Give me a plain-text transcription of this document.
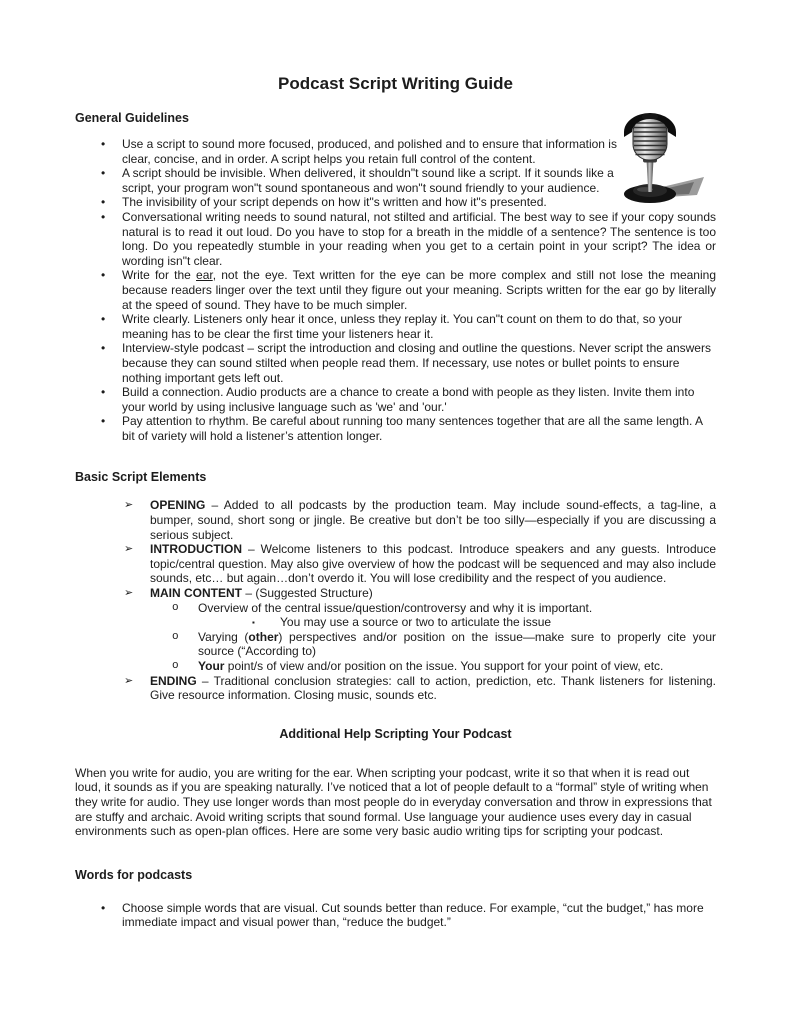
Podcast Script Writing Guide
General Guidelines
• Use a script to sound more focused, produced, and polished and to ensure that information is clear, concise, and in order. A script helps you retain full control of the content.
• A script should be invisible. When delivered, it shouldn"t sound like a script. If it sounds like a script, your program won"t sound spontaneous and won"t sound friendly to your audience.
• The invisibility of your script depends on how it"s written and how it"s presented.
• Conversational writing needs to sound natural, not stilted and artificial. The best way to see if your copy sounds natural is to read it out loud. Do you have to stop for a breath in the middle of a sentence? The sentence is too long. Do you repeatedly stumble in your reading when you get to a certain point in your script? The idea or wording isn"t clear.
• Write for the ear, not the eye. Text written for the eye can be more complex and still not lose the meaning because readers linger over the text until they figure out your meaning. Scripts written for the ear go by literally at the speed of sound. They have to be much simpler.
• Write clearly. Listeners only hear it once, unless they replay it. You can"t count on them to do that, so your meaning has to be clear the first time your listeners hear it.
• Interview-style podcast – script the introduction and closing and outline the questions. Never script the answers because they can sound stilted when people read them. If necessary, use notes or bullet points to ensure nothing important gets left out.
• Build a connection. Audio products are a chance to create a bond with people as they listen. Invite them into your world by using inclusive language such as 'we' and 'our.'
• Pay attention to rhythm. Be careful about running too many sentences together that are all the same length. A bit of variety will hold a listener’s attention longer.
Basic Script Elements
➢ OPENING – Added to all podcasts by the production team. May include sound-effects, a tag-line, a bumper, sound, short song or jingle. Be creative but don’t be too silly—especially if you are discussing a serious subject.
➢ INTRODUCTION – Welcome listeners to this podcast. Introduce speakers and any guests. Introduce topic/central question. May also give overview of how the podcast will be sequenced and may also include sounds, etc… but again…don’t overdo it. You will lose credibility and the respect of you audience.
➢ MAIN CONTENT – (Suggested Structure)
o Overview of the central issue/question/controversy and why it is important.
▪ You may use a source or two to articulate the issue
o Varying (other) perspectives and/or position on the issue—make sure to properly cite your source (“According to)
o Your point/s of view and/or position on the issue. You support for your point of view, etc.
➢ ENDING – Traditional conclusion strategies: call to action, prediction, etc. Thank listeners for listening. Give resource information. Closing music, sounds etc.
Additional Help Scripting Your Podcast

When you write for audio, you are writing for the ear. When scripting your podcast, write it so that when it is read out loud, it sounds as if you are speaking naturally. I’ve noticed that a lot of people default to a “formal” style of writing when they write for audio. They use longer words than most people do in everyday conversation and throw in expressions that are stuffy and archaic. Avoid writing scripts that sound formal. Use language your audience uses every day in casual environments such as open-plan offices. Here are some very basic audio writing tips for scripting your podcast.

Words for podcasts
• Choose simple words that are visual. Cut sounds better than reduce. For example, “cut the budget,” has more immediate impact and visual power than, “reduce the budget.”
